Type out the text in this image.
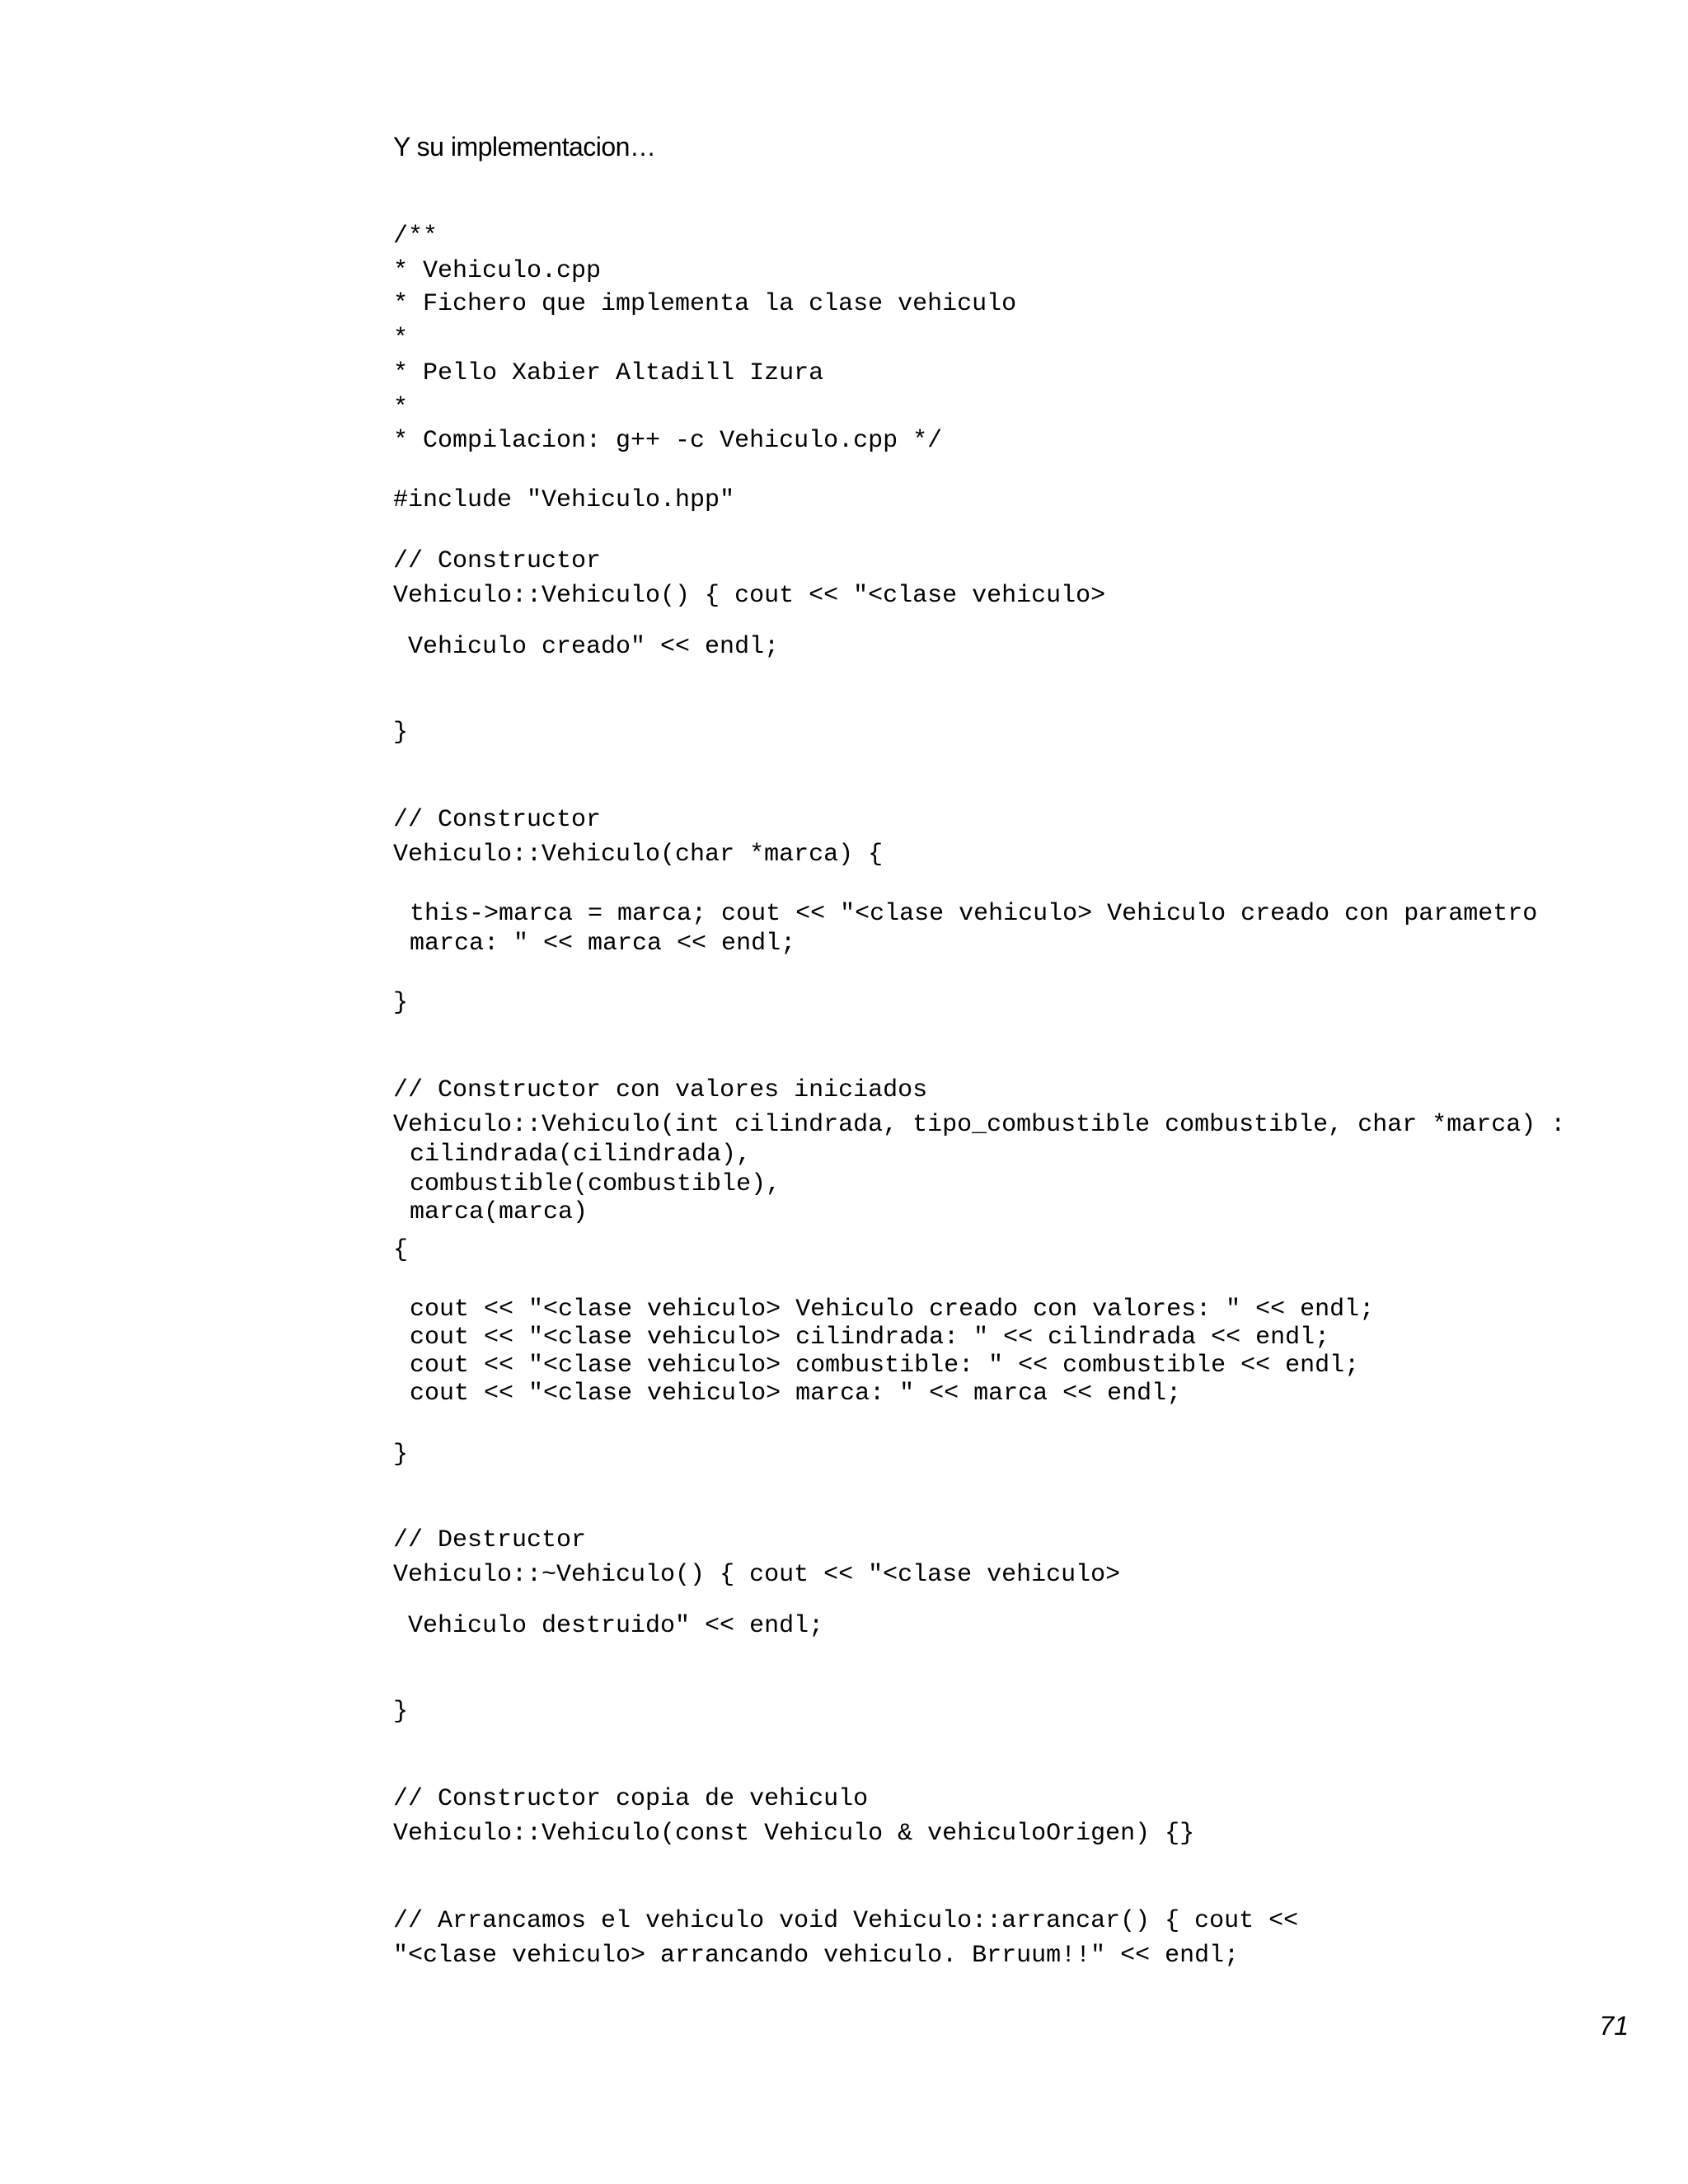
Y su implementacion…
/**
* Vehiculo.cpp
* Fichero que implementa la clase vehiculo
*
* Pello Xabier Altadill Izura
*
* Compilacion: g++ -c Vehiculo.cpp */
#include "Vehiculo.hpp"
// Constructor
Vehiculo::Vehiculo() { cout << "<clase vehiculo>
Vehiculo creado" << endl;
}
// Constructor
Vehiculo::Vehiculo(char *marca) {
this->marca = marca; cout << "<clase vehiculo> Vehiculo creado con parametro
marca: " << marca << endl;
}
// Constructor con valores iniciados
Vehiculo::Vehiculo(int cilindrada, tipo_combustible combustible, char *marca) :
cilindrada(cilindrada),
combustible(combustible),
marca(marca)
{
cout << "<clase vehiculo> Vehiculo creado con valores: " << endl;
cout << "<clase vehiculo> cilindrada: " << cilindrada << endl;
cout << "<clase vehiculo> combustible: " << combustible << endl;
cout << "<clase vehiculo> marca: " << marca << endl;
}
// Destructor
Vehiculo::~Vehiculo() { cout << "<clase vehiculo>
Vehiculo destruido" << endl;
}
// Constructor copia de vehiculo
Vehiculo::Vehiculo(const Vehiculo & vehiculoOrigen) {}
// Arrancamos el vehiculo void Vehiculo::arrancar() { cout <<
"<clase vehiculo> arrancando vehiculo. Brruum!!" << endl;
71
